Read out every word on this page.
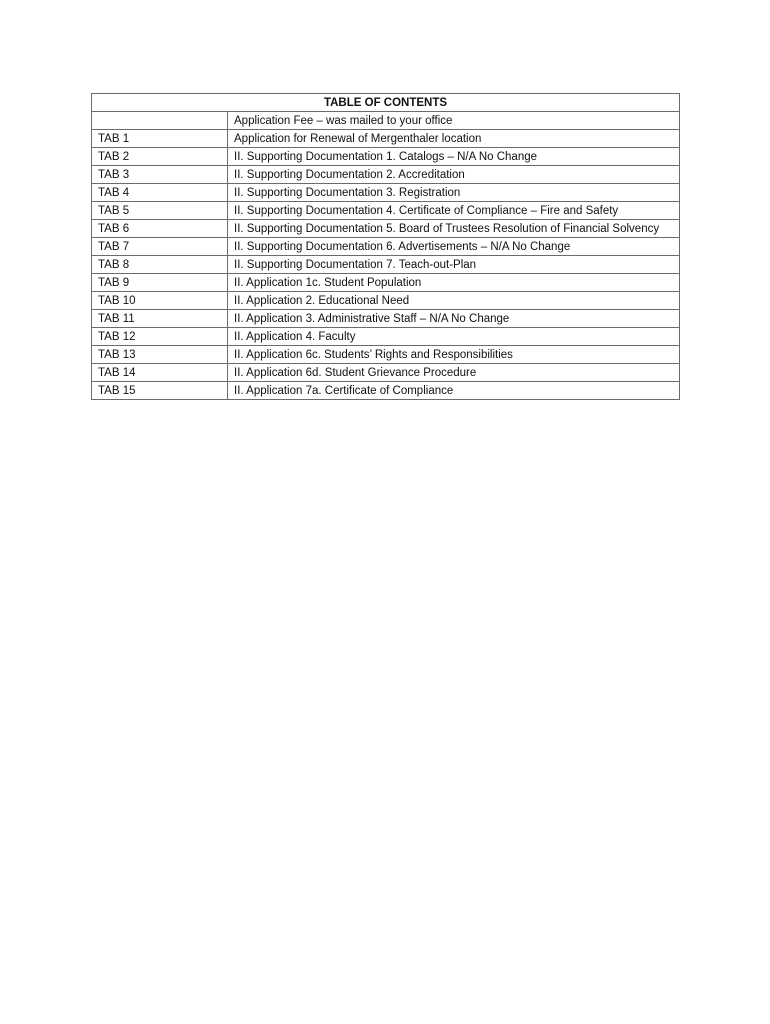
TABLE OF CONTENTS	
	Application Fee – was mailed to your office
TAB 1	Application for Renewal of Mergenthaler location
TAB 2	II. Supporting Documentation 1. Catalogs – N/A No Change
TAB 3	II. Supporting Documentation 2. Accreditation
TAB 4	II. Supporting Documentation 3. Registration
TAB 5	II. Supporting Documentation 4. Certificate of Compliance – Fire and Safety
TAB 6	II. Supporting Documentation 5. Board of Trustees Resolution of Financial Solvency
TAB 7	II. Supporting Documentation 6. Advertisements – N/A No Change
TAB 8	II. Supporting Documentation 7. Teach-out-Plan
TAB 9	II. Application 1c. Student Population
TAB 10	II. Application 2. Educational Need
TAB 11	II. Application 3. Administrative Staff – N/A No Change
TAB 12	II. Application 4. Faculty
TAB 13	II. Application 6c. Students’ Rights and Responsibilities
TAB 14	II. Application 6d. Student Grievance Procedure
TAB 15	II. Application 7a. Certificate of Compliance
